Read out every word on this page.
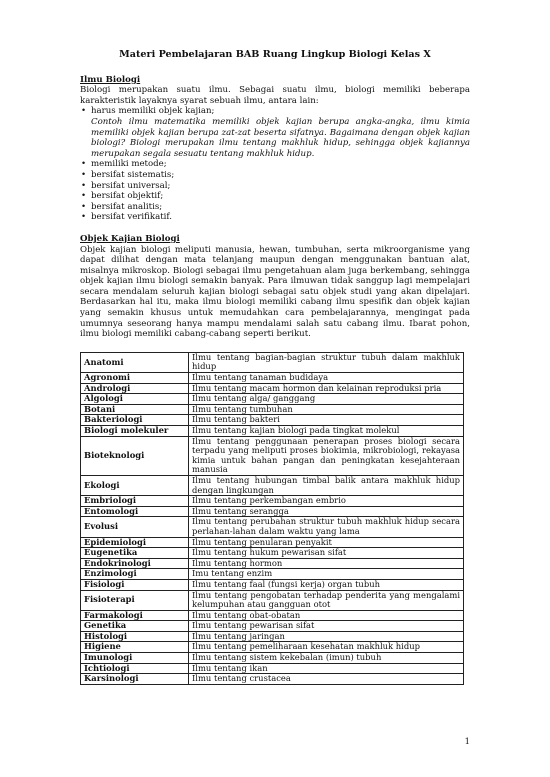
Materi Pembelajaran BAB Ruang Lingkup Biologi Kelas X
Ilmu Biologi

Biologi merupakan suatu ilmu. Sebagai suatu ilmu, biologi memiliki beberapa karakteristik layaknya syarat sebuah ilmu, antara lain:

• harus memiliki objek kajian;
Contoh ilmu matematika memiliki objek kajian berupa angka-angka, ilmu kimia memiliki objek kajian berupa zat-zat beserta sifatnya. Bagaimana dengan objek kajian biologi? Biologi merupakan ilmu tentang makhluk hidup, sehingga objek kajiannya merupakan segala sesuatu tentang makhluk hidup.
• memiliki metode;
• bersifat sistematis;
• bersifat universal;
• bersifat objektif;
• bersifat analitis;
• bersifat verifikatif.
Objek Kajian Biologi

Objek kajian biologi meliputi manusia, hewan, tumbuhan, serta mikroorganisme yang dapat dilihat dengan mata telanjang maupun dengan menggunakan bantuan alat, misalnya mikroskop. Biologi sebagai ilmu pengetahuan alam juga berkembang, sehingga objek kajian ilmu biologi semakin banyak. Para ilmuwan tidak sanggup lagi mempelajari secara mendalam seluruh kajian biologi sebagai satu objek studi yang akan dipelajari. Berdasarkan hal itu, maka ilmu biologi memiliki cabang ilmu spesifik dan objek kajian yang semakin khusus untuk memudahkan cara pembelajarannya, mengingat pada umumnya seseorang hanya mampu mendalami salah satu cabang ilmu. Ibarat pohon, ilmu biologi memiliki cabang-cabang seperti berikut.

Anatomi	Ilmu tentang bagian-bagian struktur tubuh dalam makhluk hidup
Agronomi	Ilmu tentang tanaman budidaya
Andrologi	Ilmu tentang macam hormon dan kelainan reproduksi pria
Algologi	Ilmu tentang alga/ ganggang
Botani	Ilmu tentang tumbuhan
Bakteriologi	Ilmu tentang bakteri
Biologi molekuler	Ilmu tentang kajian biologi pada tingkat molekul
Bioteknologi	Ilmu tentang penggunaan penerapan proses biologi secara terpadu yang meliputi proses biokimia, mikrobiologi, rekayasa kimia untuk bahan pangan dan peningkatan kesejahteraan manusia
Ekologi	Ilmu tentang hubungan timbal balik antara makhluk hidup dengan lingkungan
Embriologi	Ilmu tentang perkembangan embrio
Entomologi	Ilmu tentang serangga
Evolusi	Ilmu tentang perubahan struktur tubuh makhluk hidup secara perlahan-lahan dalam waktu yang lama
Epidemiologi	Ilmu tentang penularan penyakit
Eugenetika	Ilmu tentang hukum pewarisan sifat
Endokrinologi	Ilmu tentang hormon
Enzimologi	Imu tentang enzim
Fisiologi	Ilmu tentang faal (fungsi kerja) organ tubuh
Fisioterapi	Ilmu tentang pengobatan terhadap penderita yang mengalami kelumpuhan atau gangguan otot
Farmakologi	Ilmu tentang obat-obatan
Genetika	Ilmu tentang pewarisan sifat
Histologi	Ilmu tentang jaringan
Higiene	Ilmu tentang pemeliharaan kesehatan makhluk hidup
Imunologi	Ilmu tentang sistem kekebalan (imun) tubuh
Ichtiologi	Ilmu tentang ikan
Karsinologi	Ilmu tentang crustacea
1
